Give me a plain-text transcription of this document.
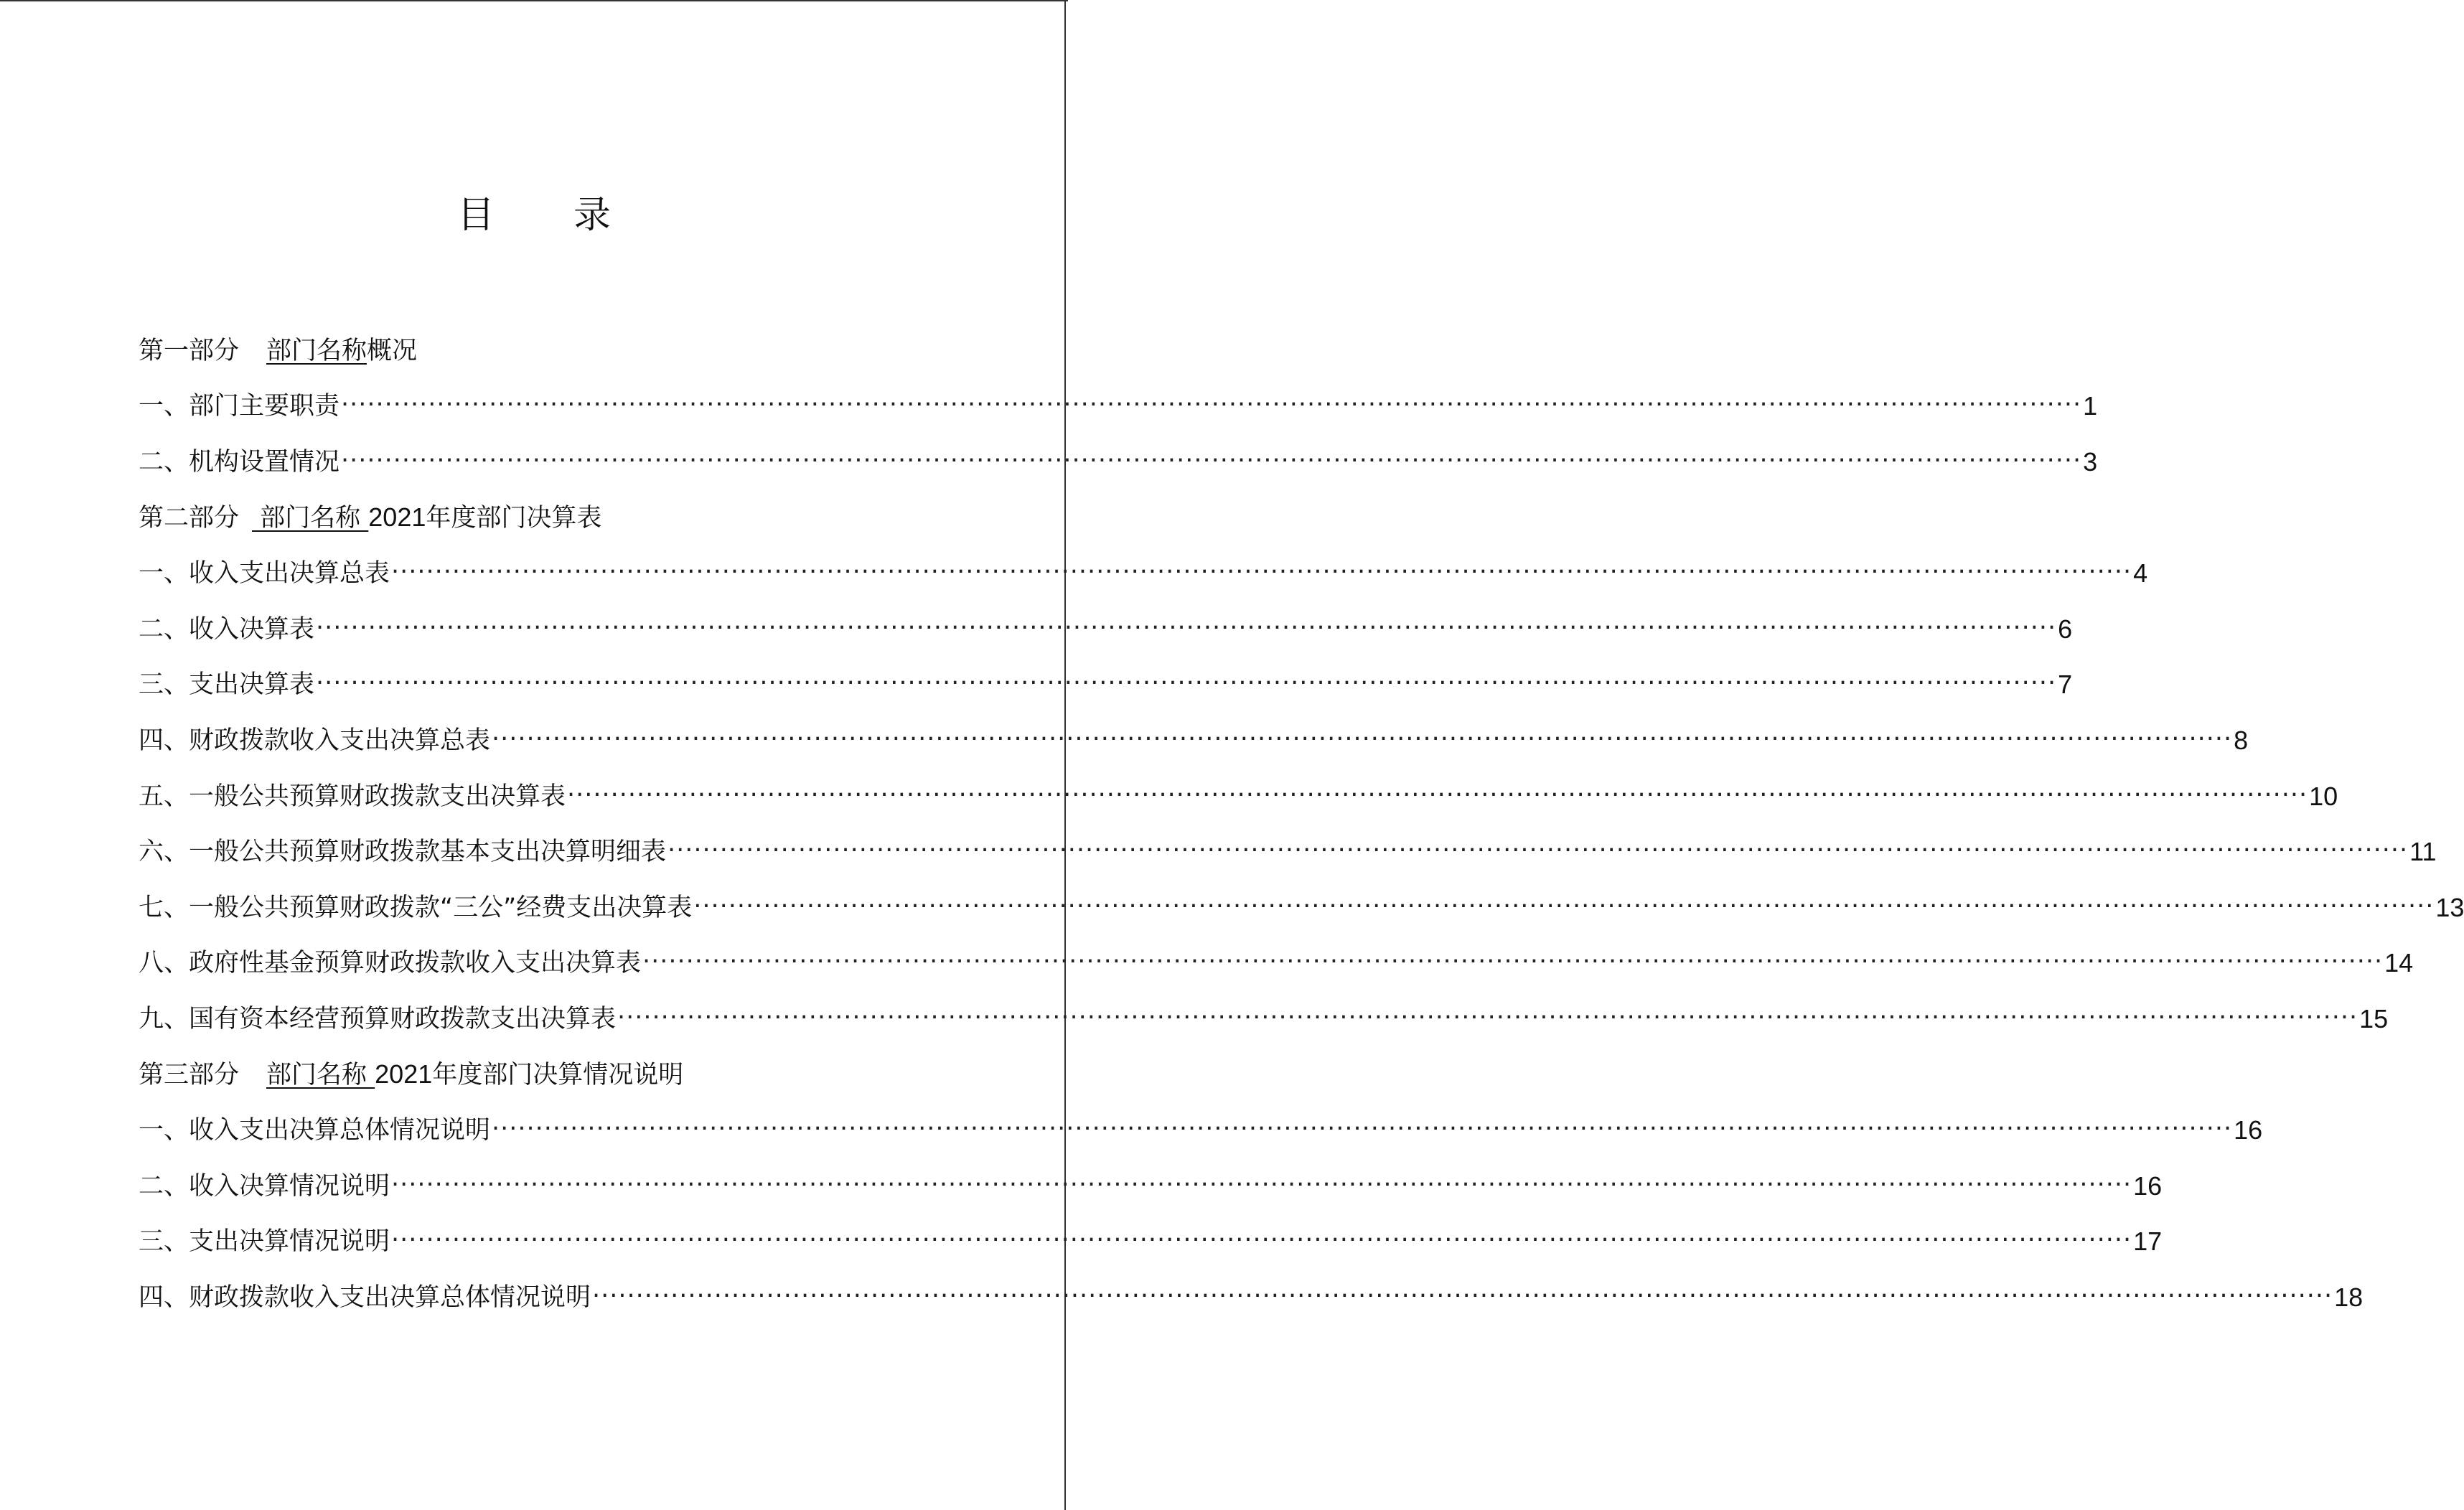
目 录
第一部分 部门名称概况
一、部门主要职责 ········································································································································································································ 1
二、机构设置情况 ········································································································································································································ 3
第二部分 部门名称 2021年度部门决算表
一、收入支出决算总表 ········································································································································································································ 4
二、收入决算表 ········································································································································································································ 6
三、支出决算表 ········································································································································································································ 7
四、财政拨款收入支出决算总表 ········································································································································································································ 8
五、一般公共预算财政拨款支出决算表 ········································································································································································································ 10
六、一般公共预算财政拨款基本支出决算明细表 ········································································································································································································ 11
七、一般公共预算财政拨款“三公”经费支出决算表 ········································································································································································································ 13
八、政府性基金预算财政拨款收入支出决算表 ········································································································································································································ 14
九、国有资本经营预算财政拨款支出决算表 ········································································································································································································ 15
第三部分 部门名称 2021年度部门决算情况说明
一、收入支出决算总体情况说明 ········································································································································································································ 16
二、收入决算情况说明 ········································································································································································································ 16
三、支出决算情况说明 ········································································································································································································ 17
四、财政拨款收入支出决算总体情况说明 ········································································································································································································ 18
